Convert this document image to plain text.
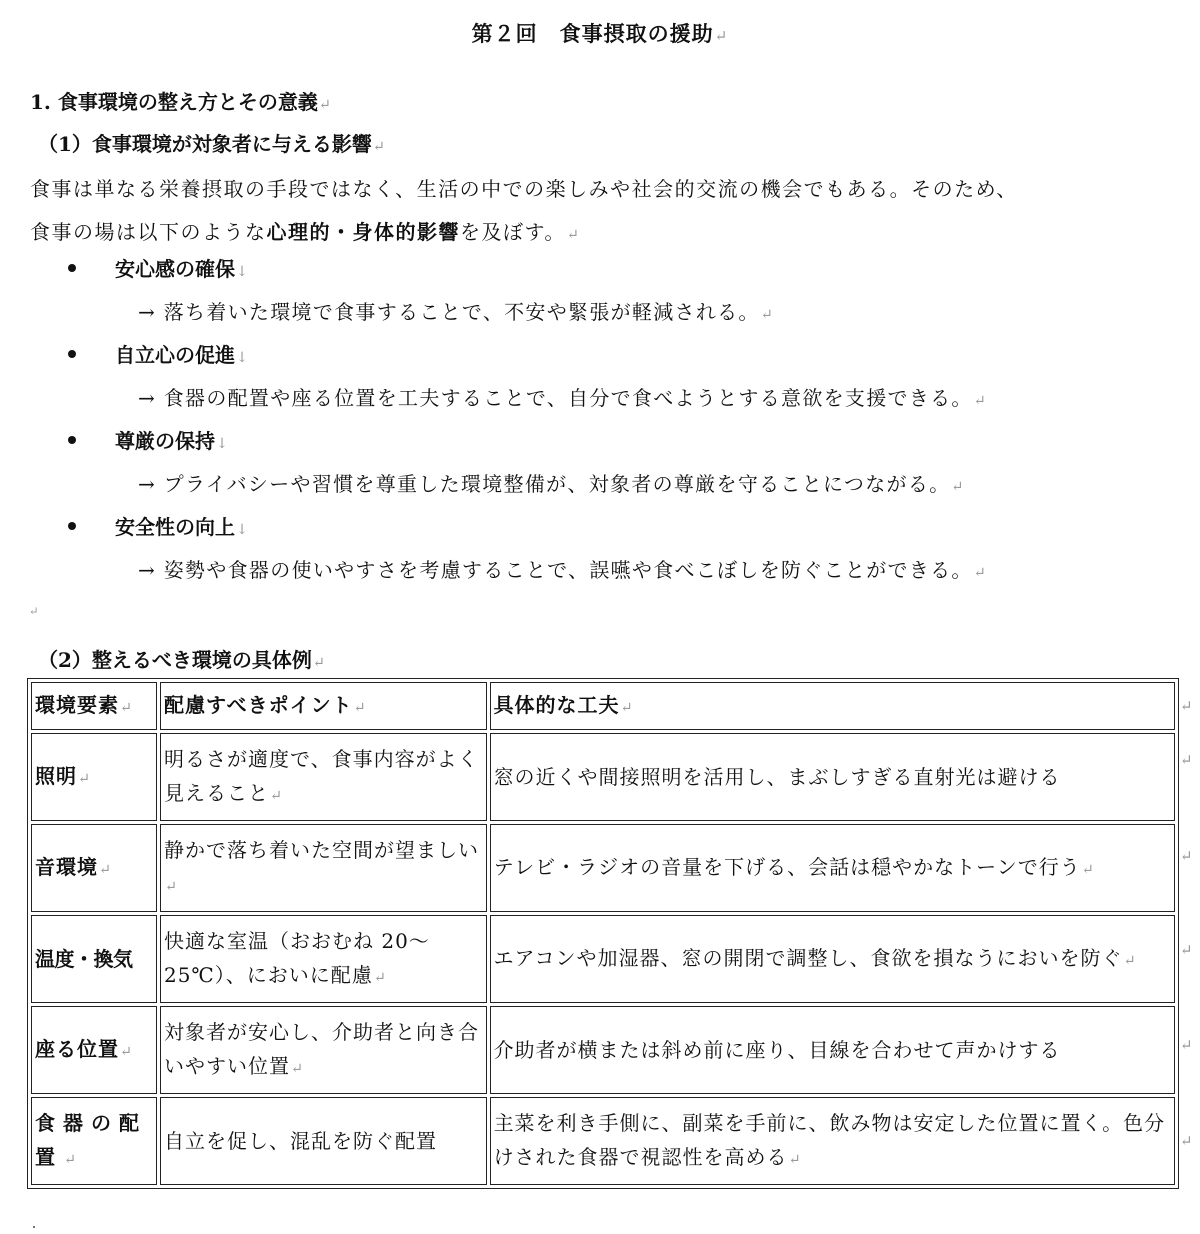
第２回　食事摂取の援助↵
1. 食事環境の整え方とその意義↵
（1）食事環境が対象者に与える影響↵
食事は単なる栄養摂取の手段ではなく、生活の中での楽しみや社会的交流の機会でもある。そのため、
食事の場は以下のような心理的・身体的影響を及ぼす。↵
安心感の確保↓
→ 落ち着いた環境で食事することで、不安や緊張が軽減される。↵
自立心の促進↓
→ 食器の配置や座る位置を工夫することで、自分で食べようとする意欲を支援できる。↵
尊厳の保持↓
→ プライバシーや習慣を尊重した環境整備が、対象者の尊厳を守ることにつながる。↵
安全性の向上↓
→ 姿勢や食器の使いやすさを考慮することで、誤嚥や食べこぼしを防ぐことができる。↵
↵
（2）整えるべき環境の具体例↵
環境要素↵	配慮すべきポイント↵	具体的な工夫↵
照明↵	明るさが適度で、食事内容がよく見えること↵	窓の近くや間接照明を活用し、まぶしすぎる直射光は避ける
音環境↵	静かで落ち着いた空間が望ましい↵	テレビ・ラジオの音量を下げる、会話は穏やかなトーンで行う↵
温度・換気	快適な室温（おおむね 20～25℃）、においに配慮↵	エアコンや加湿器、窓の開閉で調整し、食欲を損なうにおいを防ぐ↵
座る位置↵	対象者が安心し、介助者と向き合いやすい位置↵	介助者が横または斜め前に座り、目線を合わせて声かけする
食器の配置↵	自立を促し、混乱を防ぐ配置	主菜を利き手側に、副菜を手前に、飲み物は安定した位置に置く。色分けされた食器で視認性を高める↵
↵
↵
↵
↵
↵
↵
